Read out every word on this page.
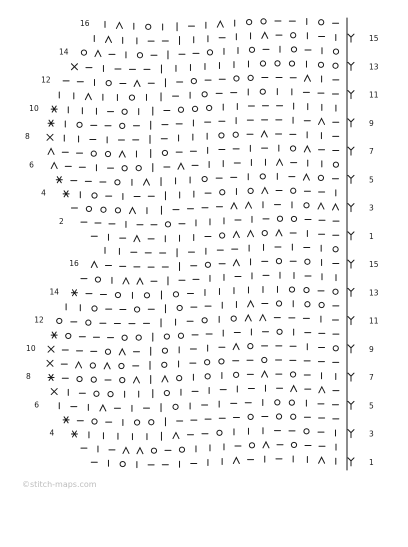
16
14
12
10
8
6
4
2
16
14
12
10
8
6
4
15
13
11
9
7
5
3
1
15
13
11
9
7
5
3
1
©stitch-maps.com
